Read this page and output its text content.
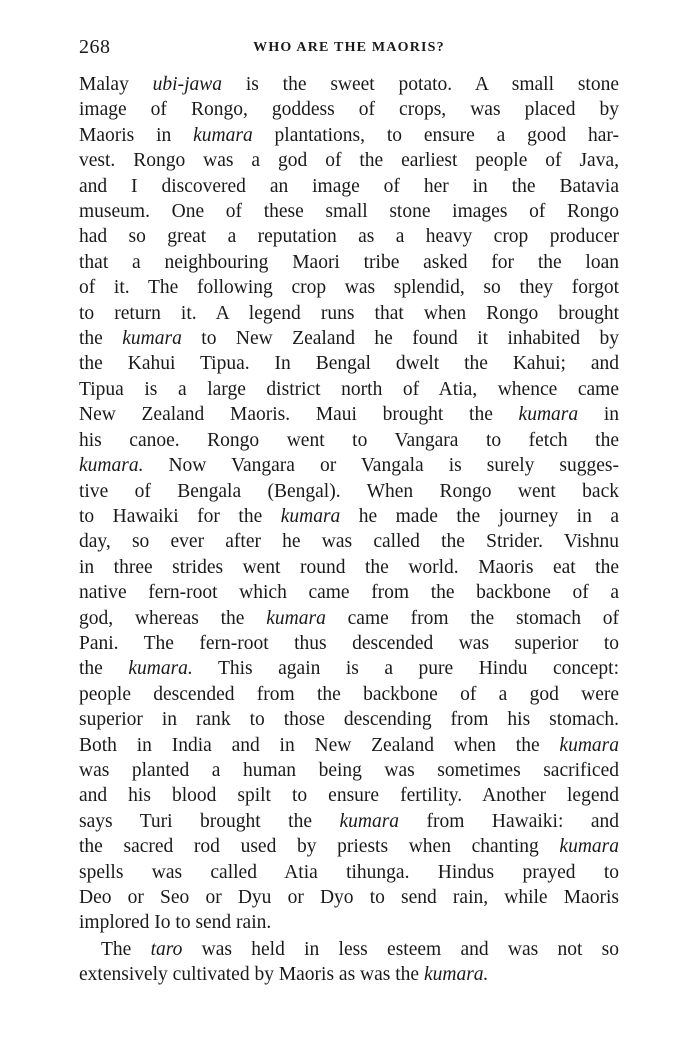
268	WHO ARE THE MAORIS?
Malay ubi-jawa is the sweet potato. A small stone
image of Rongo, goddess of crops, was placed by
Maoris in kumara plantations, to ensure a good har-
vest. Rongo was a god of the earliest people of Java,
and I discovered an image of her in the Batavia
museum. One of these small stone images of Rongo
had so great a reputation as a heavy crop producer
that a neighbouring Maori tribe asked for the loan
of it. The following crop was splendid, so they forgot
to return it. A legend runs that when Rongo brought
the kumara to New Zealand he found it inhabited by
the Kahui Tipua. In Bengal dwelt the Kahui; and
Tipua is a large district north of Atia, whence came
New Zealand Maoris. Maui brought the kumara in
his canoe. Rongo went to Vangara to fetch the
kumara. Now Vangara or Vangala is surely sugges-
tive of Bengala (Bengal). When Rongo went back
to Hawaiki for the kumara he made the journey in a
day, so ever after he was called the Strider. Vishnu
in three strides went round the world. Maoris eat the
native fern-root which came from the backbone of a
god, whereas the kumara came from the stomach of
Pani. The fern-root thus descended was superior to
the kumara. This again is a pure Hindu concept:
people descended from the backbone of a god were
superior in rank to those descending from his stomach.
Both in India and in New Zealand when the kumara
was planted a human being was sometimes sacrificed
and his blood spilt to ensure fertility. Another legend
says Turi brought the kumara from Hawaiki: and
the sacred rod used by priests when chanting kumara
spells was called Atia tihunga. Hindus prayed to
Deo or Seo or Dyu or Dyo to send rain, while Maoris
implored Io to send rain.
The taro was held in less esteem and was not so
extensively cultivated by Maoris as was the kumara.
